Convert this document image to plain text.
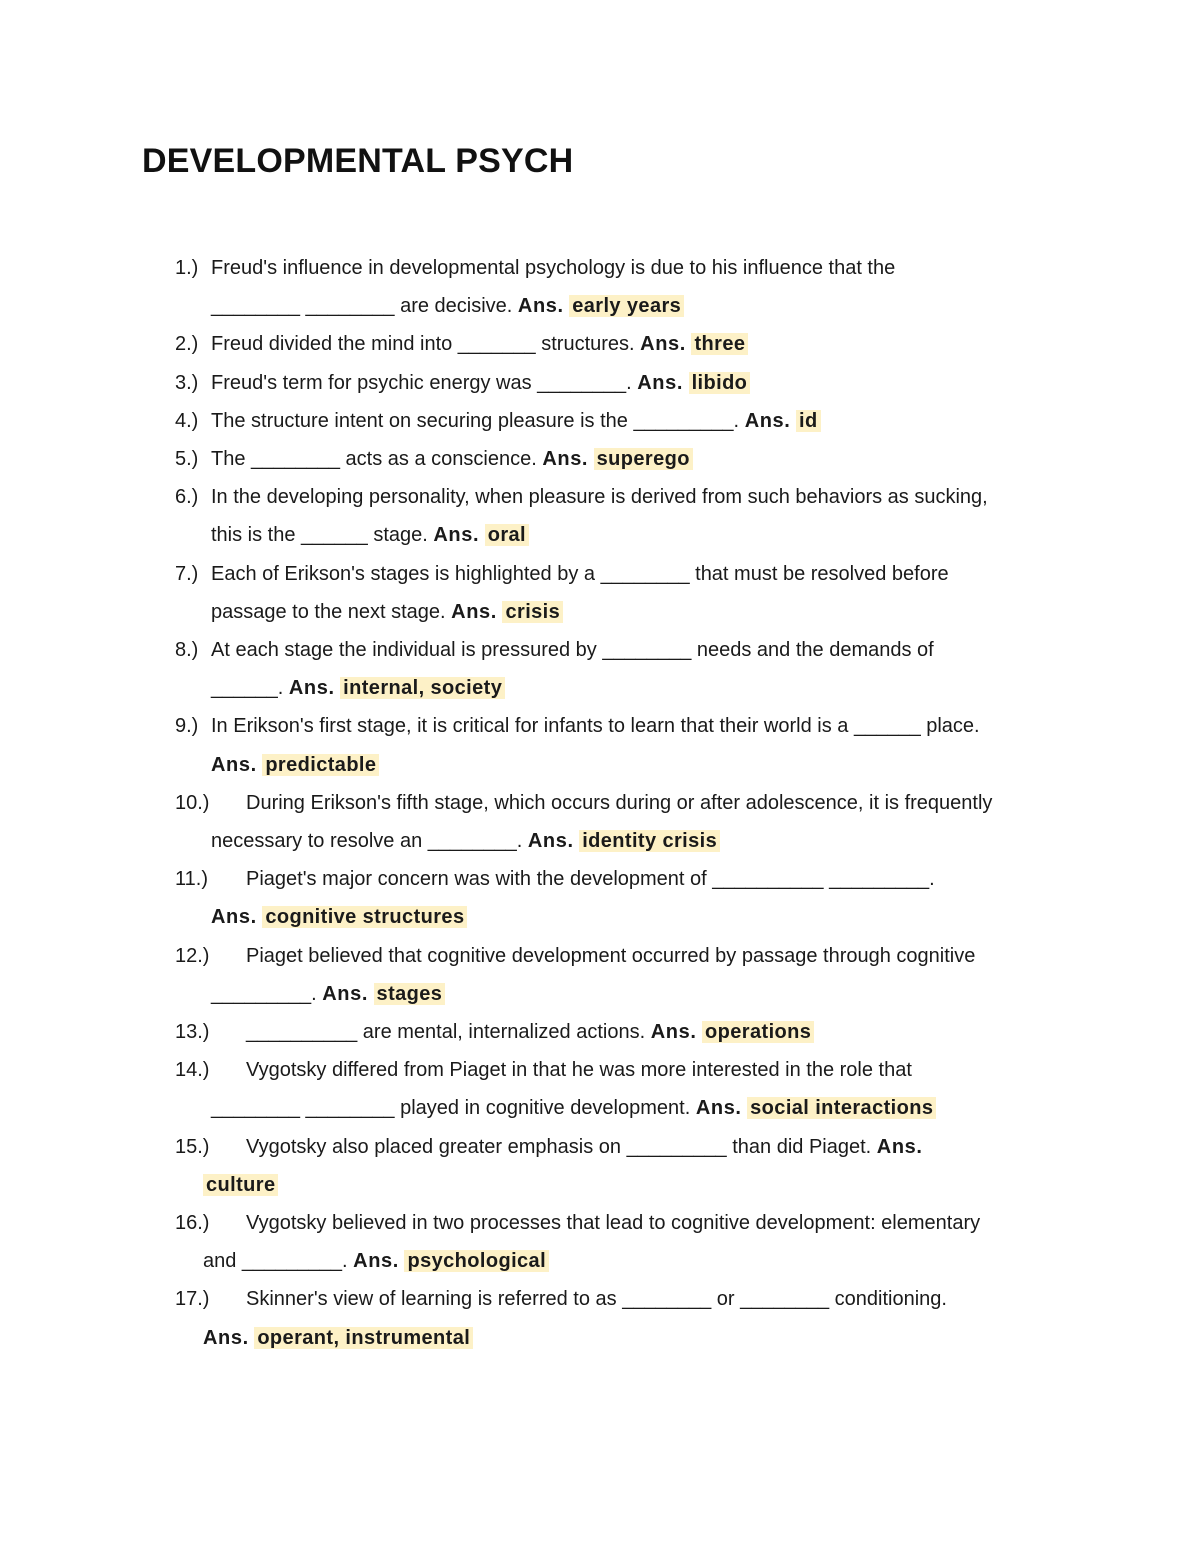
DEVELOPMENTAL PSYCH
1.) Freud's influence in developmental psychology is due to his influence that the
________ ________ are decisive. Ans. early years
2.) Freud divided the mind into _______ structures. Ans. three
3.) Freud's term for psychic energy was ________. Ans. libido
4.) The structure intent on securing pleasure is the _________. Ans. id
5.) The ________ acts as a conscience. Ans. superego
6.) In the developing personality, when pleasure is derived from such behaviors as sucking,
this is the ______ stage. Ans. oral
7.) Each of Erikson's stages is highlighted by a ________ that must be resolved before
passage to the next stage. Ans. crisis
8.) At each stage the individual is pressured by ________ needs and the demands of
______. Ans. internal, society
9.) In Erikson's first stage, it is critical for infants to learn that their world is a ______ place.
Ans. predictable
10.) During Erikson's fifth stage, which occurs during or after adolescence, it is frequently
necessary to resolve an ________. Ans. identity crisis
11.) Piaget's major concern was with the development of __________ _________.
Ans. cognitive structures
12.) Piaget believed that cognitive development occurred by passage through cognitive
_________. Ans. stages
13.) __________ are mental, internalized actions. Ans. operations
14.) Vygotsky differed from Piaget in that he was more interested in the role that
________ ________ played in cognitive development. Ans. social interactions
15.) Vygotsky also placed greater emphasis on _________ than did Piaget. Ans.
culture
16.) Vygotsky believed in two processes that lead to cognitive development: elementary
and _________. Ans. psychological
17.) Skinner's view of learning is referred to as ________ or ________ conditioning.
Ans. operant, instrumental
